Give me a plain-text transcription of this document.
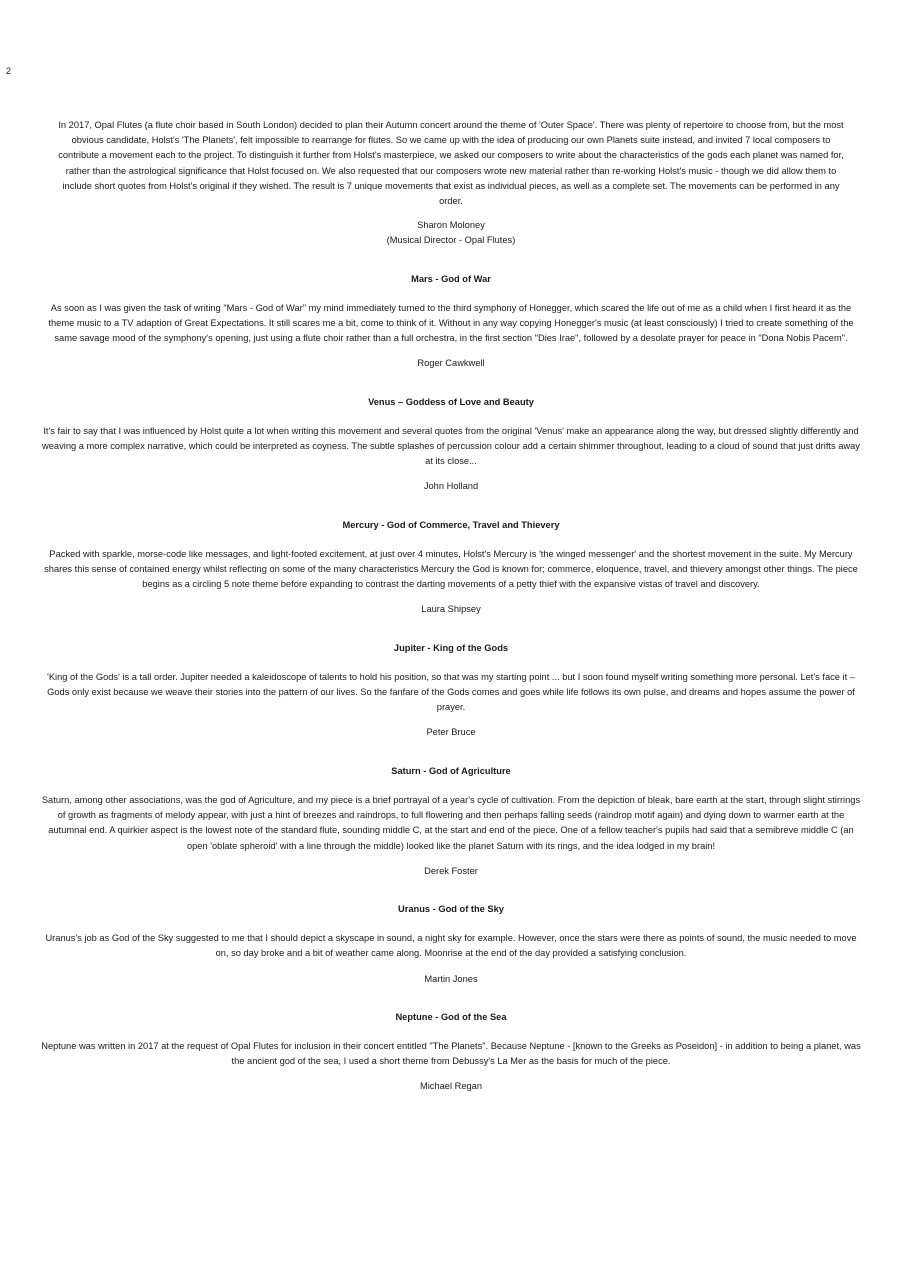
2

In 2017, Opal Flutes (a flute choir based in South London) decided to plan their Autumn concert around the theme of 'Outer Space'. There was plenty of repertoire to choose from, but the most obvious candidate, Holst's 'The Planets', felt impossible to rearrange for flutes. So we came up with the idea of producing our own Planets suite instead, and invited 7 local composers to contribute a movement each to the project. To distinguish it further from Holst's masterpiece, we asked our composers to write about the characteristics of the gods each planet was named for, rather than the astrological significance that Holst focused on. We also requested that our composers wrote new material rather than re-working Holst's music - though we did allow them to include short quotes from Holst's original if they wished. The result is 7 unique movements that exist as individual pieces, as well as a complete set. The movements can be performed in any order.

Sharon Moloney

(Musical Director - Opal Flutes)

Mars - God of War

As soon as I was given the task of writing "Mars - God of War" my mind immediately turned to the third symphony of Honegger, which scared the life out of me as a child when I first heard it as the theme music to a TV adaption of Great Expectations. It still scares me a bit, come to think of it. Without in any way copying Honegger's music (at least consciously) I tried to create something of the same savage mood of the symphony's opening, just using a flute choir rather than a full orchestra, in the first section "Dies Irae", followed by a desolate prayer for peace in "Dona Nobis Pacem".

Roger Cawkwell

Venus – Goddess of Love and Beauty

It's fair to say that I was influenced by Holst quite a lot when writing this movement and several quotes from the original 'Venus' make an appearance along the way, but dressed slightly differently and weaving a more complex narrative, which could be interpreted as coyness. The subtle splashes of percussion colour add a certain shimmer throughout, leading to a cloud of sound that just drifts away at its close...

John Holland

Mercury - God of Commerce, Travel and Thievery

Packed with sparkle, morse-code like messages, and light-footed excitement, at just over 4 minutes, Holst's Mercury is 'the winged messenger' and the shortest movement in the suite. My Mercury shares this sense of contained energy whilst reflecting on some of the many characteristics Mercury the God is known for; commerce, eloquence, travel, and thievery amongst other things. The piece begins as a circling 5 note theme before expanding to contrast the darting movements of a petty thief with the expansive vistas of travel and discovery.

Laura Shipsey

Jupiter - King of the Gods

'King of the Gods' is a tall order. Jupiter needed a kaleidoscope of talents to hold his position, so that was my starting point ... but I soon found myself writing something more personal. Let's face it – Gods only exist because we weave their stories into the pattern of our lives. So the fanfare of the Gods comes and goes while life follows its own pulse, and dreams and hopes assume the power of prayer.

Peter Bruce

Saturn - God of Agriculture

Saturn, among other associations, was the god of Agriculture, and my piece is a brief portrayal of a year's cycle of cultivation. From the depiction of bleak, bare earth at the start, through slight stirrings of growth as fragments of melody appear, with just a hint of breezes and raindrops, to full flowering and then perhaps falling seeds (raindrop motif again) and dying down to warmer earth at the autumnal end. A quirkier aspect is the lowest note of the standard flute, sounding middle C, at the start and end of the piece. One of a fellow teacher's pupils had said that a semibreve middle C (an open 'oblate spheroid' with a line through the middle) looked like the planet Saturn with its rings, and the idea lodged in my brain!

Derek Foster

Uranus - God of the Sky

Uranus's job as God of the Sky suggested to me that I should depict a skyscape in sound, a night sky for example. However, once the stars were there as points of sound, the music needed to move on, so day broke and a bit of weather came along. Moonrise at the end of the day provided a satisfying conclusion.

Martin Jones

Neptune - God of the Sea

Neptune was written in 2017 at the request of Opal Flutes for inclusion in their concert entitled "The Planets". Because Neptune - [known to the Greeks as Poseidon] - in addition to being a planet, was the ancient god of the sea, I used a short theme from Debussy's La Mer as the basis for much of the piece.

Michael Regan
